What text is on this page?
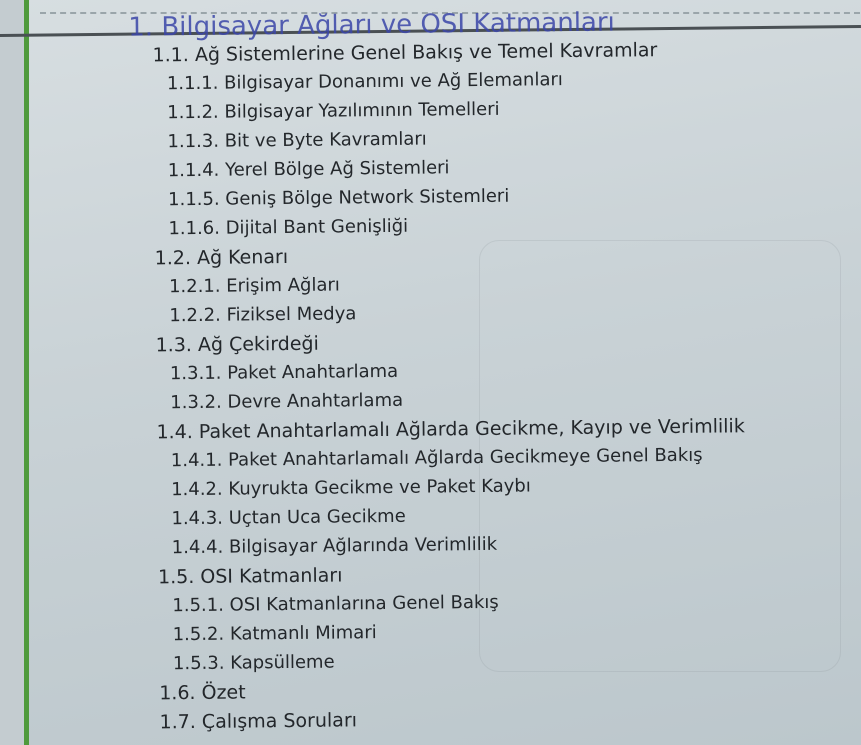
1. Bilgisayar Ağları ve OSI Katmanları
1.1. Ağ Sistemlerine Genel Bakış ve Temel Kavramlar
1.1.1. Bilgisayar Donanımı ve Ağ Elemanları
1.1.2. Bilgisayar Yazılımının Temelleri
1.1.3. Bit ve Byte Kavramları
1.1.4. Yerel Bölge Ağ Sistemleri
1.1.5. Geniş Bölge Network Sistemleri
1.1.6. Dijital Bant Genişliği
1.2. Ağ Kenarı
1.2.1. Erişim Ağları
1.2.2. Fiziksel Medya
1.3. Ağ Çekirdeği
1.3.1. Paket Anahtarlama
1.3.2. Devre Anahtarlama
1.4. Paket Anahtarlamalı Ağlarda Gecikme, Kayıp ve Verimlilik
1.4.1. Paket Anahtarlamalı Ağlarda Gecikmeye Genel Bakış
1.4.2. Kuyrukta Gecikme ve Paket Kaybı
1.4.3. Uçtan Uca Gecikme
1.4.4. Bilgisayar Ağlarında Verimlilik
1.5. OSI Katmanları
1.5.1. OSI Katmanlarına Genel Bakış
1.5.2. Katmanlı Mimari
1.5.3. Kapsülleme
1.6. Özet
1.7. Çalışma Soruları
